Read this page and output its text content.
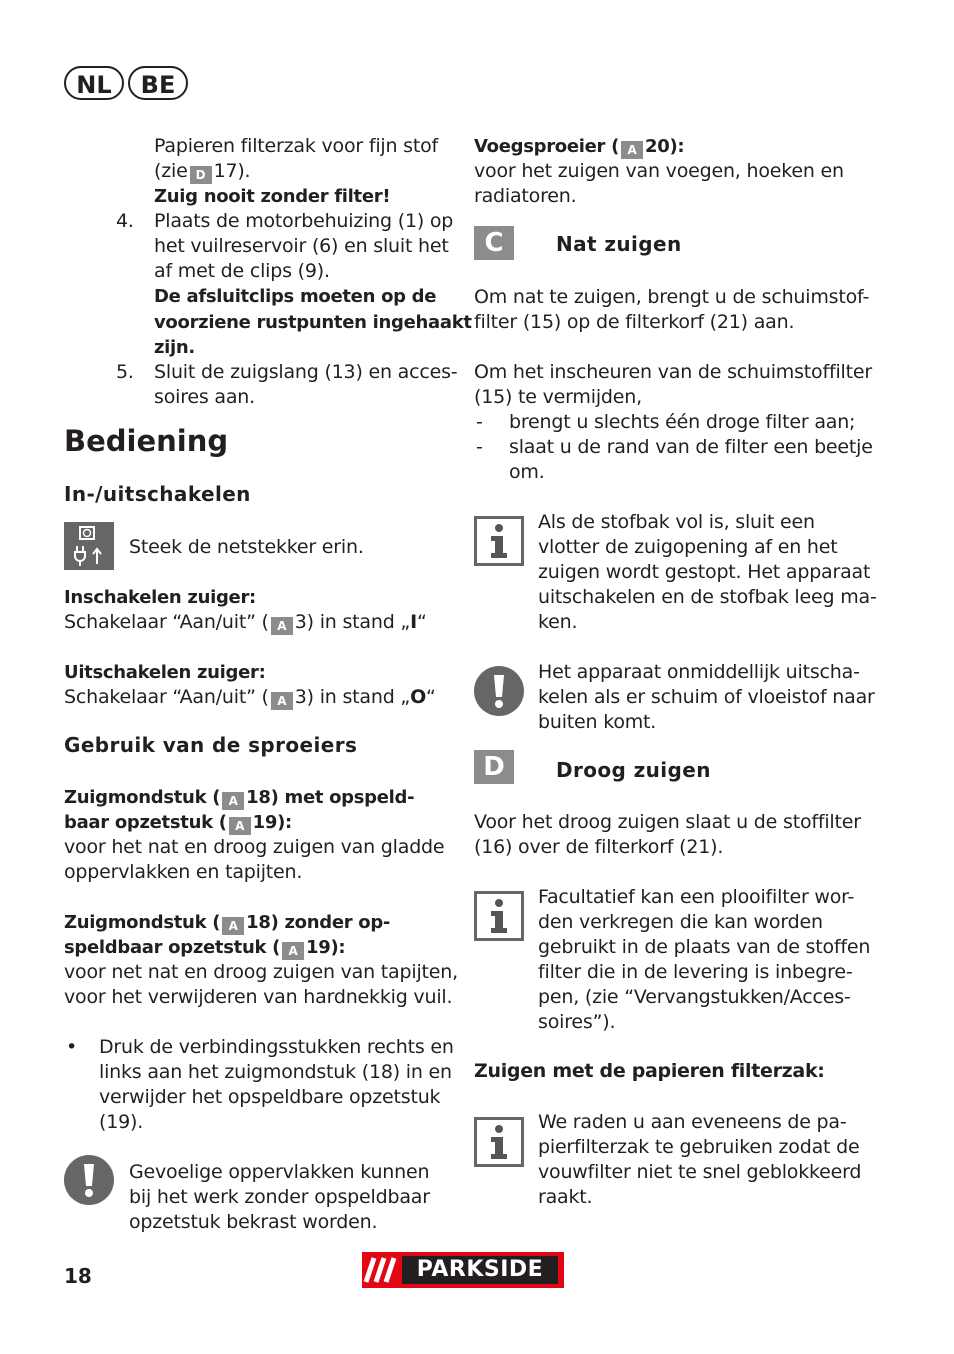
NL	BE
Papieren filterzak voor fijn stof
(zie D 17).
Zuig nooit zonder filter!
4. Plaats de motorbehuizing (1) op
het vuilreservoir (6) en sluit het
af met de clips (9).
De afsluitclips moeten op de
voorziene rustpunten ingehaakt
zijn.
5. Sluit de zuigslang (13) en acces-
soires aan.
Bediening
In-/uitschakelen
Steek de netstekker erin.
Inschakelen zuiger:
Schakelaar “Aan/uit” ( A 3) in stand „I“
Uitschakelen zuiger:
Schakelaar “Aan/uit” ( A 3) in stand „O“
Gebruik van de sproeiers
Zuigmondstuk ( A 18) met opspeld-
baar opzetstuk ( A 19):
voor het nat en droog zuigen van gladde
oppervlakken en tapijten.
Zuigmondstuk ( A 18) zonder op-
speldbaar opzetstuk ( A 19):
voor net nat en droog zuigen van tapijten,
voor het verwijderen van hardnekkig vuil.
• Druk de verbindingsstukken rechts en
links aan het zuigmondstuk (18) in en
verwijder het opspeldbare opzetstuk
(19).
Gevoelige oppervlakken kunnen
bij het werk zonder opspeldbaar
opzetstuk bekrast worden.
Voegsproeier ( A 20):
voor het zuigen van voegen, hoeken en
radiatoren.
C	Nat zuigen
Om nat te zuigen, brengt u de schuimstof-
filter (15) op de filterkorf (21) aan.
Om het inscheuren van de schuimstoffilter
(15) te vermijden,
- brengt u slechts één droge filter aan;
- slaat u de rand van de filter een beetje
om.
Als de stofbak vol is, sluit een
vlotter de zuigopening af en het
zuigen wordt gestopt. Het apparaat
uitschakelen en de stofbak leeg ma-
ken.
Het apparaat onmiddellijk uitscha-
kelen als er schuim of vloeistof naar
buiten komt.
D	Droog zuigen
Voor het droog zuigen slaat u de stoffilter
(16) over de filterkorf (21).
Facultatief kan een plooifilter wor-
den verkregen die kan worden
gebruikt in de plaats van de stoffen
filter die in de levering is inbegre-
pen, (zie “Vervangstukken/Acces-
soires”).
Zuigen met de papieren filterzak:
We raden u aan eveneens de pa-
pierfilterzak te gebruiken zodat de
vouwfilter niet te snel geblokkeerd
raakt.
18	PARKSIDE
